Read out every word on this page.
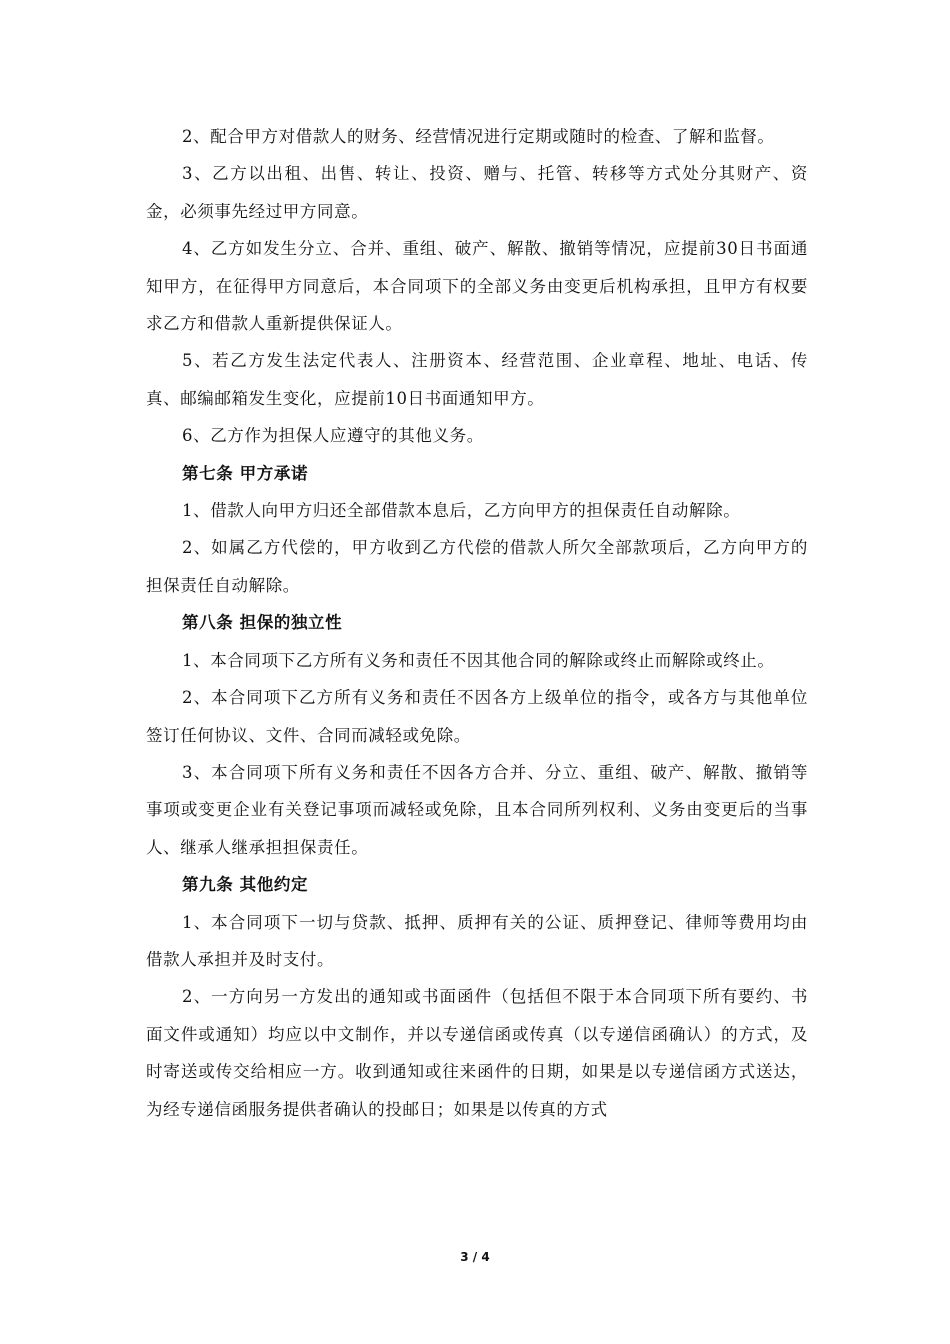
2、配合甲方对借款人的财务、经营情况进行定期或随时的检查、了解和监督。

3、乙方以出租、出售、转让、投资、赠与、托管、转移等方式处分其财产、资金，必须事先经过甲方同意。

4、乙方如发生分立、合并、重组、破产、解散、撤销等情况，应提前30日书面通知甲方，在征得甲方同意后，本合同项下的全部义务由变更后机构承担，且甲方有权要求乙方和借款人重新提供保证人。

5、若乙方发生法定代表人、注册资本、经营范围、企业章程、地址、电话、传真、邮编邮箱发生变化，应提前10日书面通知甲方。

6、乙方作为担保人应遵守的其他义务。

第七条 甲方承诺

1、借款人向甲方归还全部借款本息后，乙方向甲方的担保责任自动解除。

2、如属乙方代偿的，甲方收到乙方代偿的借款人所欠全部款项后，乙方向甲方的担保责任自动解除。

第八条 担保的独立性

1、本合同项下乙方所有义务和责任不因其他合同的解除或终止而解除或终止。

2、本合同项下乙方所有义务和责任不因各方上级单位的指令，或各方与其他单位签订任何协议、文件、合同而减轻或免除。

3、本合同项下所有义务和责任不因各方合并、分立、重组、破产、解散、撤销等事项或变更企业有关登记事项而减轻或免除，且本合同所列权利、义务由变更后的当事人、继承人继承担担保责任。

第九条 其他约定

1、本合同项下一切与贷款、抵押、质押有关的公证、质押登记、律师等费用均由借款人承担并及时支付。

2、一方向另一方发出的通知或书面函件（包括但不限于本合同项下所有要约、书面文件或通知）均应以中文制作，并以专递信函或传真（以专递信函确认）的方式，及时寄送或传交给相应一方。收到通知或往来函件的日期，如果是以专递信函方式送达，为经专递信函服务提供者确认的投邮日；如果是以传真的方式

3 / 4
